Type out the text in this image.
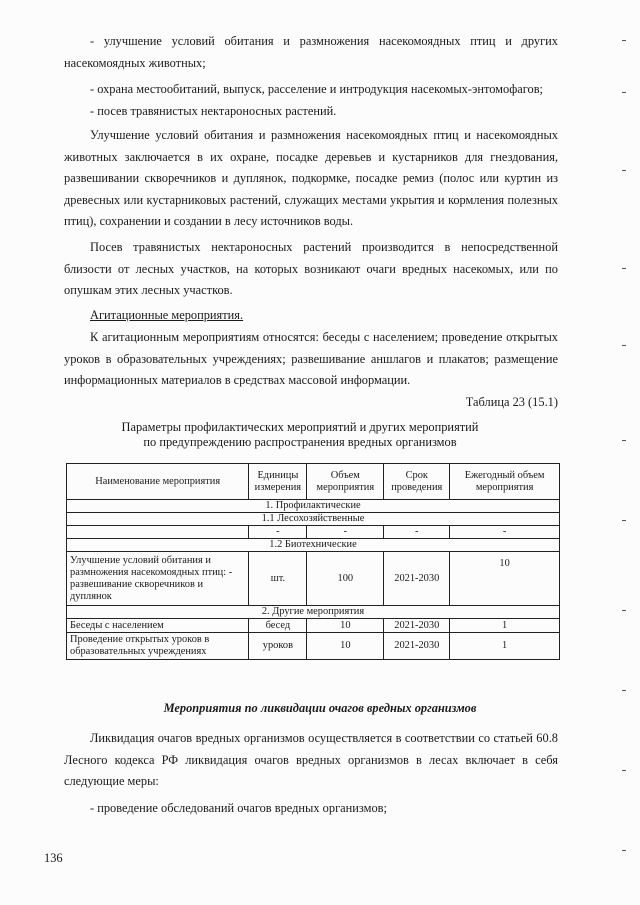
- улучшение условий обитания и размножения насекомоядных птиц и других насекомоядных животных;

- охрана местообитаний, выпуск, расселение и интродукция насекомых-энтомофагов;

- посев травянистых нектароносных растений.

Улучшение условий обитания и размножения насекомоядных птиц и насекомоядных животных заключается в их охране, посадке деревьев и кустарников для гнездования, развешивании скворечников и дуплянок, подкормке, посадке ремиз (полос или куртин из древесных или кустарниковых растений, служащих местами укрытия и кормления полезных птиц), сохранении и создании в лесу источников воды.

Посев травянистых нектароносных растений производится в непосредственной близости от лесных участков, на которых возникают очаги вредных насекомых, или по опушкам этих лесных участков.

Агитационные мероприятия.

К агитационным мероприятиям относятся: беседы с населением; проведение открытых уроков в образовательных учреждениях; развешивание аншлагов и плакатов; размещение информационных материалов в средствах массовой информации.

Таблица 23 (15.1)

Параметры профилактических мероприятий и других мероприятий
по предупреждению распространения вредных организмов
Наименование мероприятия	Единицы измерения	Объем мероприятия	Срок проведения	Ежегодный объем мероприятия
1. Профилактические				
1.1 Лесохозяйственные				
	-	-	-	-
1.2 Биотехнические				
Улучшение условий обитания и размножения насекомоядных птиц: - развешивание скворечников и дуплянок	шт.	100	2021-2030	10
2. Другие мероприятия				
Беседы с населением	бесед	10	2021-2030	1
Проведение открытых уроков в образовательных учреждениях	уроков	10	2021-2030	1

Мероприятия по ликвидации очагов вредных организмов

Ликвидация очагов вредных организмов осуществляется в соответствии со статьей 60.8 Лесного кодекса РФ ликвидация очагов вредных организмов в лесах включает в себя следующие меры:

- проведение обследований очагов вредных организмов;

136
